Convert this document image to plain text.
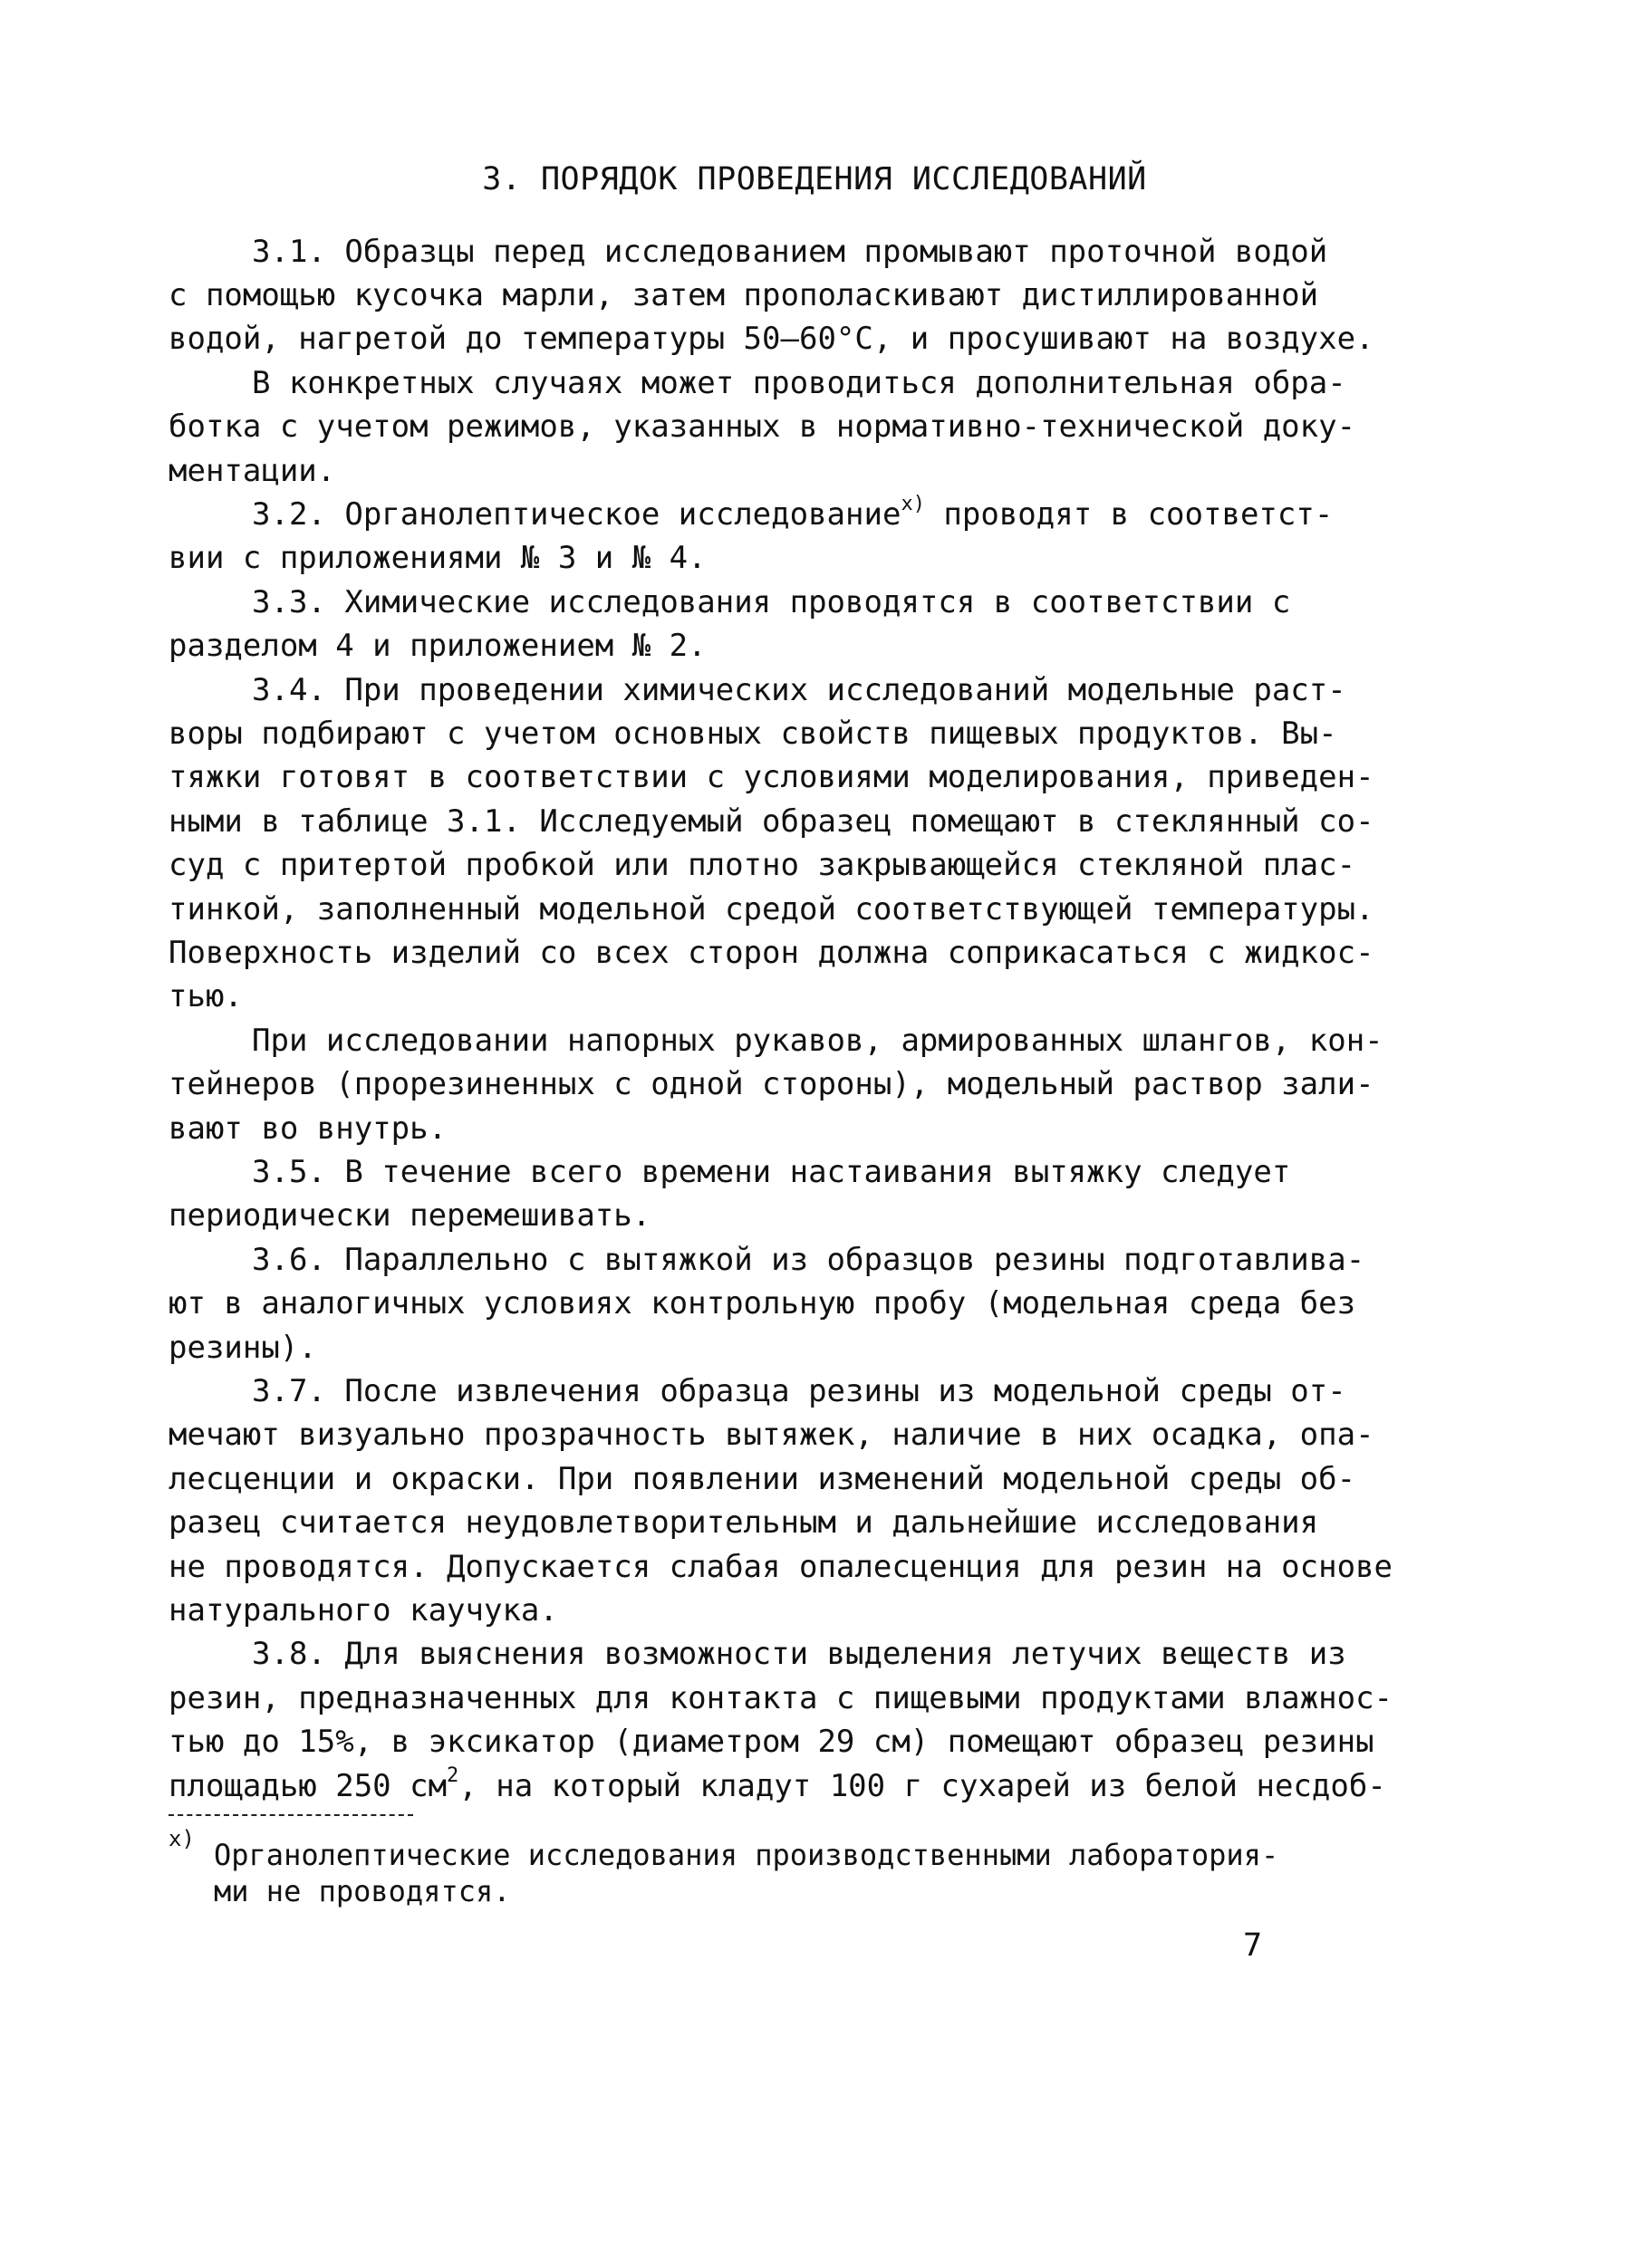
3. ПОРЯДОК ПРОВЕДЕНИЯ ИССЛЕДОВАНИЙ
3.1. Образцы перед исследованием промывают проточной водой
с помощью кусочка марли, затем прополаскивают дистиллированной
водой, нагретой до температуры 50–60°С, и просушивают на воздухе.
В конкретных случаях может проводиться дополнительная обра-
ботка с учетом режимов, указанных в нормативно-технической доку-
ментации.
3.2. Органолептическое исследование$^{х)}$ проводят в соответст-
вии с приложениями № 3 и № 4.
3.3. Химические исследования проводятся в соответствии с
разделом 4 и приложением № 2.
3.4. При проведении химических исследований модельные раст-
воры подбирают с учетом основных свойств пищевых продуктов. Вы-
тяжки готовят в соответствии с условиями моделирования, приведен-
ными в таблице 3.1. Исследуемый образец помещают в стеклянный со-
суд с притертой пробкой или плотно закрывающейся стекляной плас-
тинкой, заполненный модельной средой соответствующей температуры.
Поверхность изделий со всех сторон должна соприкасаться с жидкос-
тью.
При исследовании напорных рукавов, армированных шлангов, кон-
тейнеров (прорезиненных с одной стороны), модельный раствор зали-
вают во внутрь.
3.5. В течение всего времени настаивания вытяжку следует
периодически перемешивать.
3.6. Параллельно с вытяжкой из образцов резины подготавлива-
ют в аналогичных условиях контрольную пробу (модельная среда без
резины).
3.7. После извлечения образца резины из модельной среды от-
мечают визуально прозрачность вытяжек, наличие в них осадка, опа-
лесценции и окраски. При появлении изменений модельной среды об-
разец считается неудовлетворительным и дальнейшие исследования
не проводятся. Допускается слабая опалесценция для резин на основе
натурального каучука.
3.8. Для выяснения возможности выделения летучих веществ из
резин, предназначенных для контакта с пищевыми продуктами влажнос-
тью до 15%, в эксикатор (диаметром 29 см) помещают образец резины
площадью 250 $см^2$, на который кладут 100 г сухарей из белой несдоб-
х) Органолептические исследования производственными лаборатория-
ми не проводятся.
7
